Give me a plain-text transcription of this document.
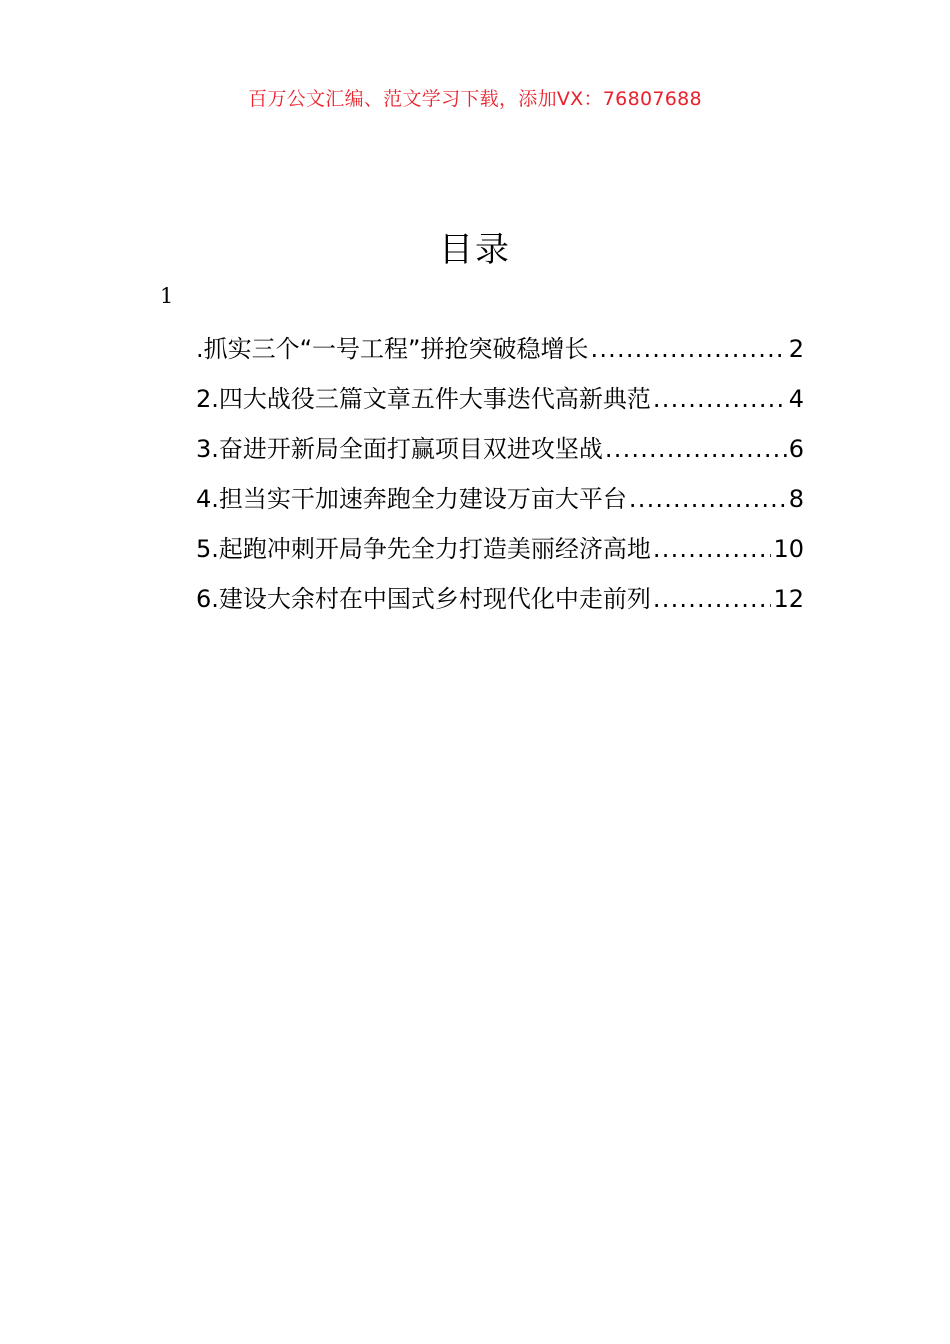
百万公文汇编、范文学习下载，添加VX：76807688
目录
1
.抓实三个“一号工程”拼抢突破稳增长 .....	2
2.四大战役三篇文章五件大事迭代高新典范 .....	4
3.奋进开新局全面打赢项目双进攻坚战 .....	6
4.担当实干加速奔跑全力建设万亩大平台 .....	8
5.起跑冲刺开局争先全力打造美丽经济高地 .....	10
6.建设大余村在中国式乡村现代化中走前列 .....	12
